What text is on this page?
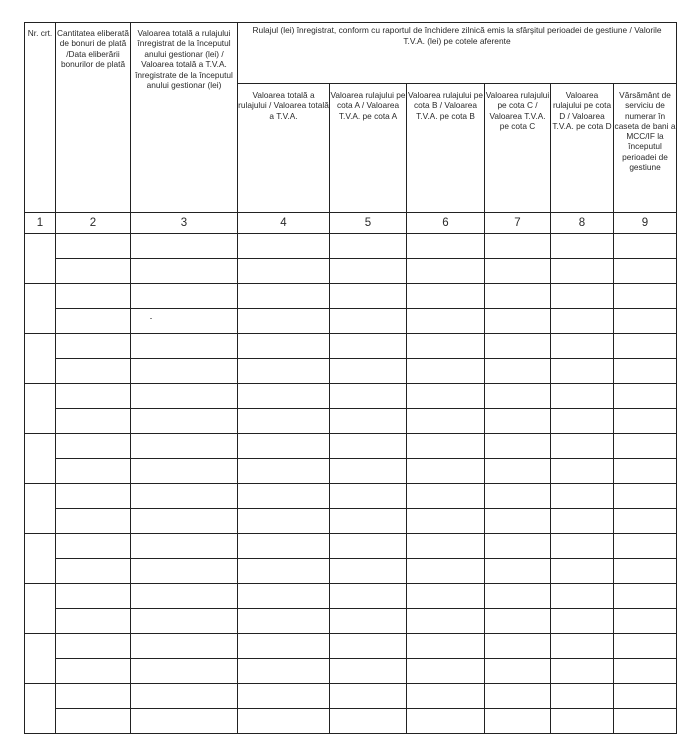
Nr. crt.	Cantitatea eliberată de bonuri de plată /Data eliberării bonurilor de plată	Valoarea totală a rulajului înregistrat de la începutul anului gestionar (lei) / Valoarea totală a T.V.A. înregistrate de la începutul anului gestionar (lei)	Rulajul (lei) înregistrat, conform cu raportul de închidere zilnică emis la sfârşitul perioadei de gestiune / Valorile T.V.A. (lei) pe cotele aferente					
			Valoarea totală a rulajului / Valoarea totală a T.V.A.	Valoarea rulajului pe cota A / Valoarea T.V.A. pe cota A	Valoarea rulajului pe cota B / Valoarea T.V.A. pe cota B	Valoarea rulajului pe cota C / Valoarea T.V.A. pe cota C	Valoarea rulajului pe cota D / Valoarea T.V.A. pe cota D	Vărsământ de serviciu de numerar în caseta de bani a MCC/IF la începutul perioadei de gestiune
1	2	3	4	5	6	7	8	9
